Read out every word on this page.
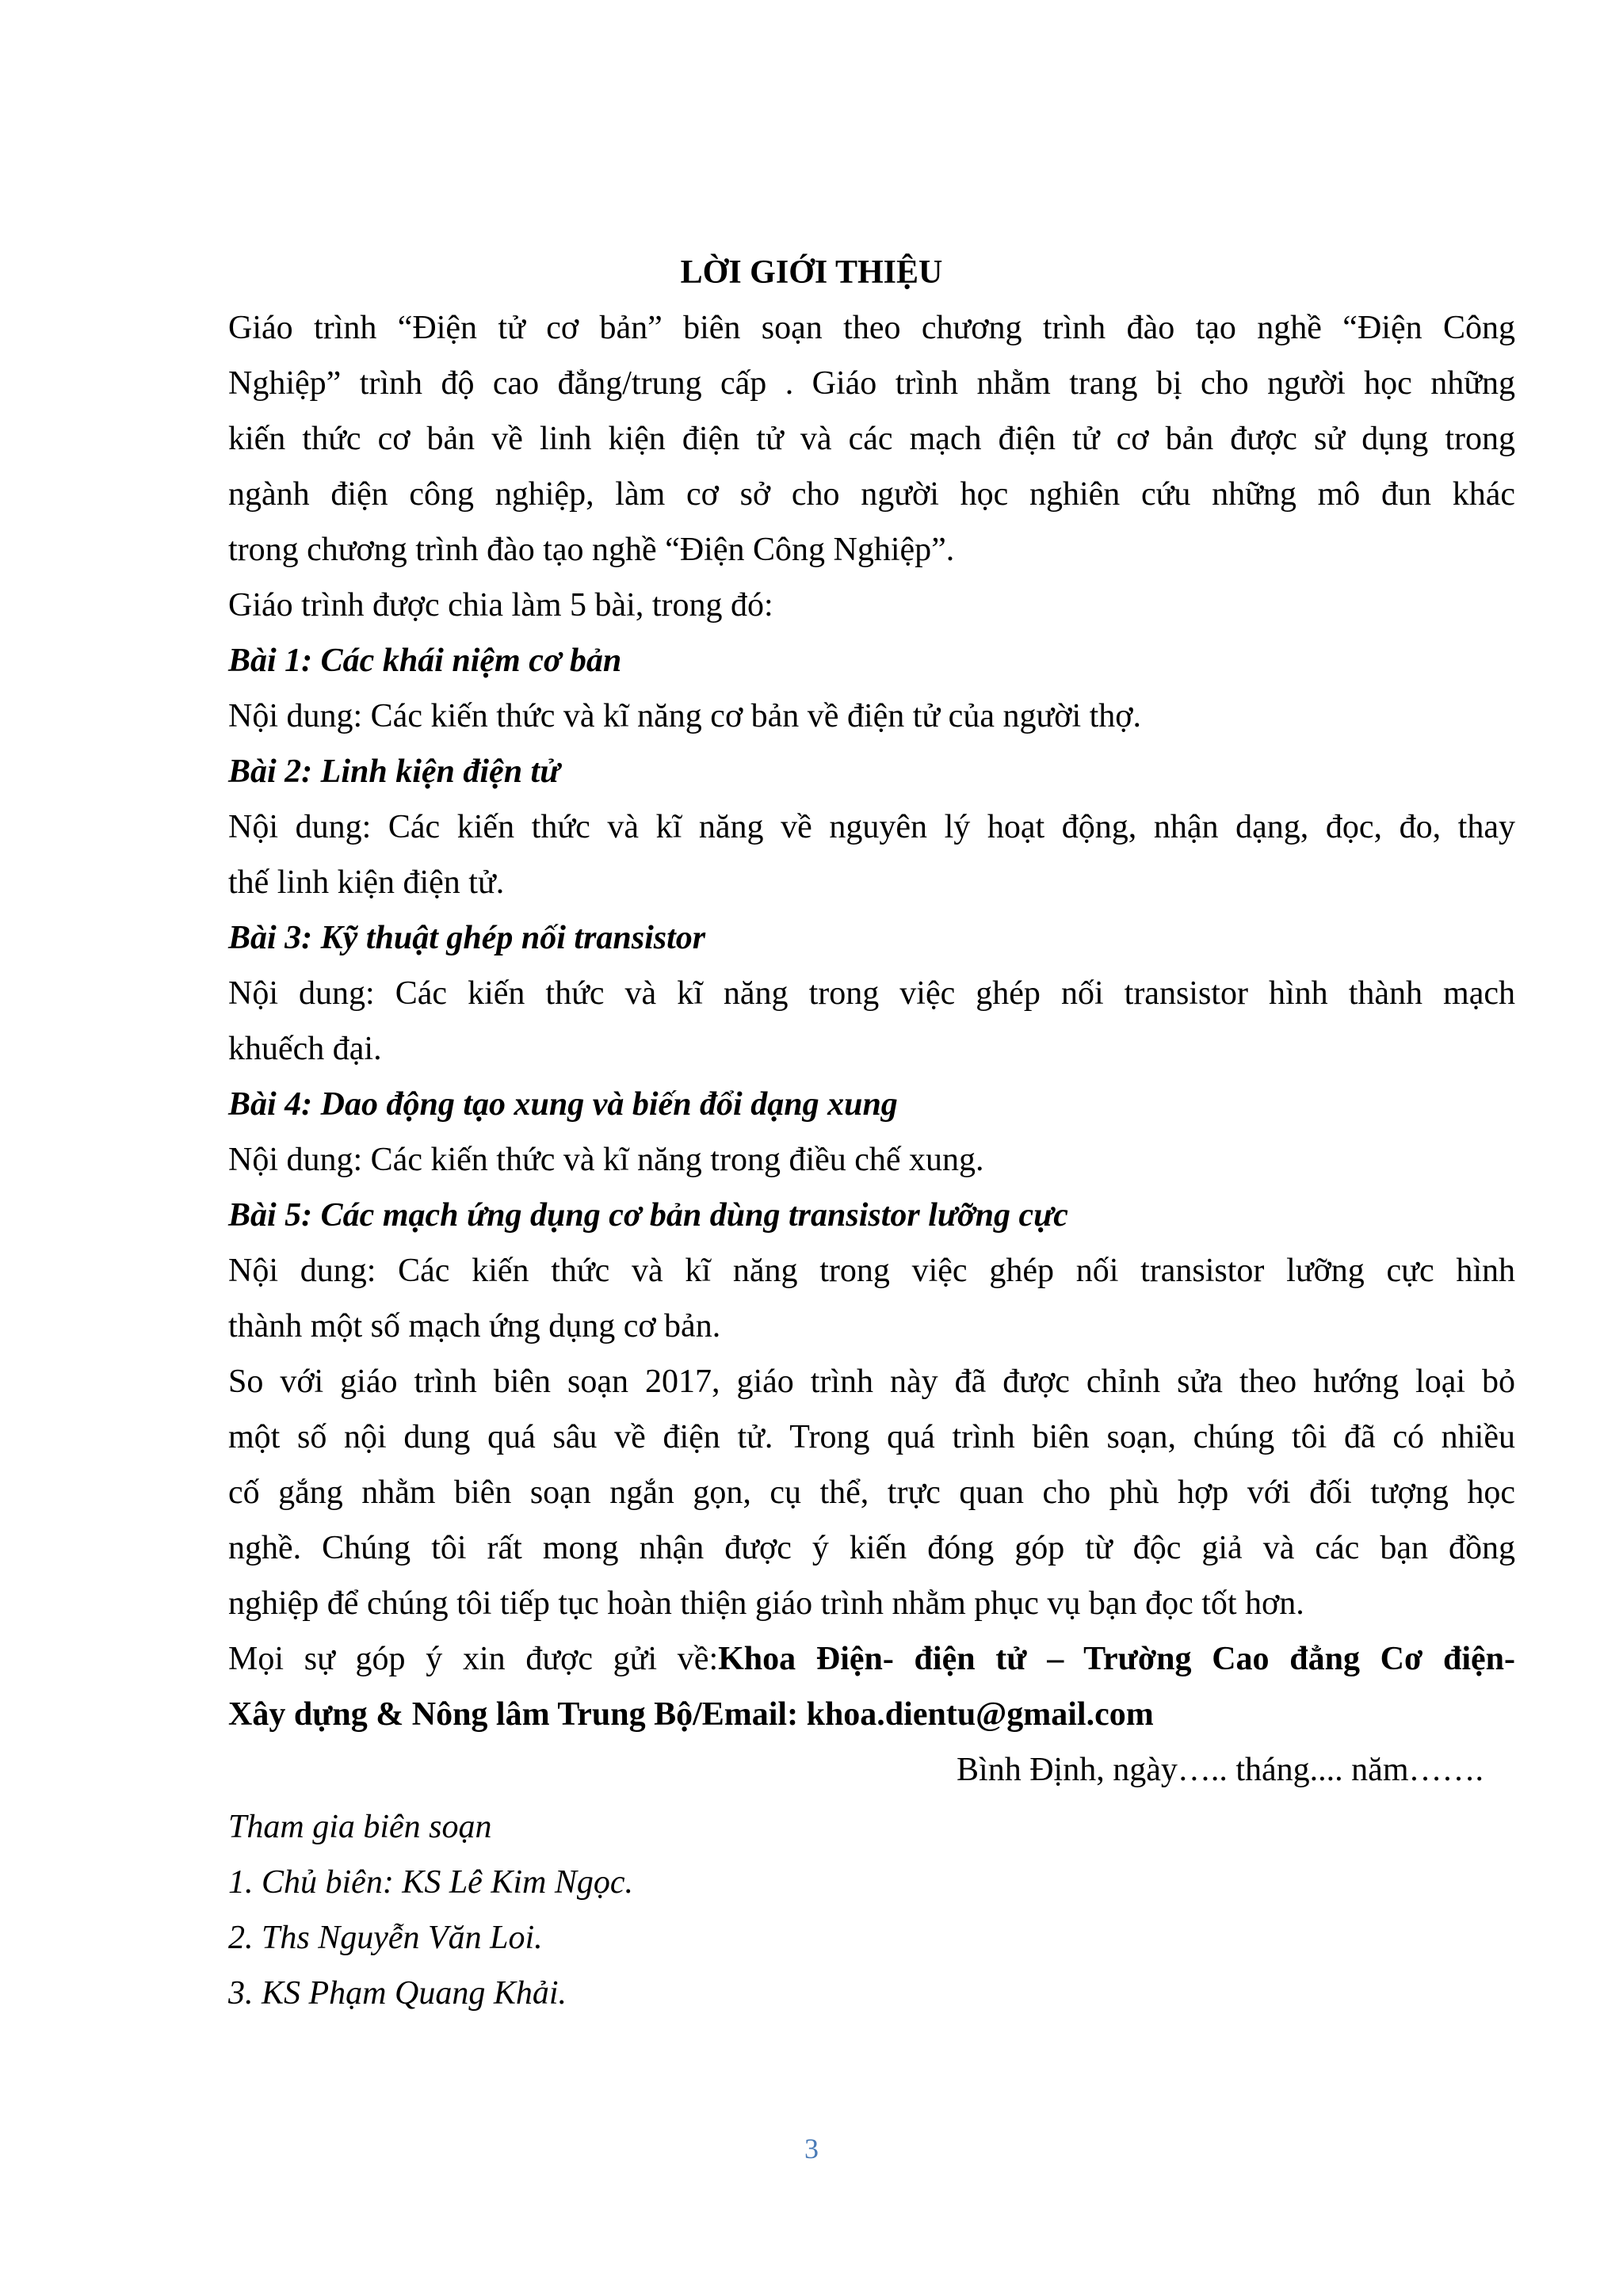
LỜI GIỚI THIỆU
Giáo trình “Điện tử cơ bản” biên soạn theo chương trình đào tạo nghề “Điện Công
Nghiệp” trình độ cao đẳng/trung cấp . Giáo trình nhằm trang bị cho người học những
kiến thức cơ bản về linh kiện điện tử và các mạch điện tử cơ bản được sử dụng trong
ngành điện công nghiệp, làm cơ sở cho người học nghiên cứu những mô đun khác
trong chương trình đào tạo nghề “Điện Công Nghiệp”.
Giáo trình được chia làm 5 bài, trong đó:
Bài 1: Các khái niệm cơ bản
Nội dung: Các kiến thức và kĩ năng cơ bản về điện tử của người thợ.
Bài 2: Linh kiện điện tử
Nội dung: Các kiến thức và kĩ năng về nguyên lý hoạt động, nhận dạng, đọc, đo, thay
thế linh kiện điện tử.
Bài 3: Kỹ thuật ghép nối transistor
Nội dung: Các kiến thức và kĩ năng trong việc ghép nối transistor hình thành mạch
khuếch đại.
Bài 4: Dao động tạo xung và biến đổi dạng xung
Nội dung: Các kiến thức và kĩ năng trong điều chế xung.
Bài 5: Các mạch ứng dụng cơ bản dùng transistor lưỡng cực
Nội dung: Các kiến thức và kĩ năng trong việc ghép nối transistor lưỡng cực hình
thành một số mạch ứng dụng cơ bản.
So với giáo trình biên soạn 2017, giáo trình này đã được chỉnh sửa theo hướng loại bỏ
một số nội dung quá sâu về điện tử. Trong quá trình biên soạn, chúng tôi đã có nhiều
cố gắng nhằm biên soạn ngắn gọn, cụ thể, trực quan cho phù hợp với đối tượng học
nghề. Chúng tôi rất mong nhận được ý kiến đóng góp từ độc giả và các bạn đồng
nghiệp để chúng tôi tiếp tục hoàn thiện giáo trình nhằm phục vụ bạn đọc tốt hơn.
Mọi sự góp ý xin được gửi về:Khoa Điện- điện tử – Trường Cao đẳng Cơ điện-
Xây dựng & Nông lâm Trung Bộ/Email: khoa.dientu@gmail.com
Bình Định, ngày….. tháng.... năm…….
Tham gia biên soạn
1. Chủ biên: KS Lê Kim Ngọc.
2. Ths Nguyễn Văn Loi.
3. KS Phạm Quang Khải.
3
